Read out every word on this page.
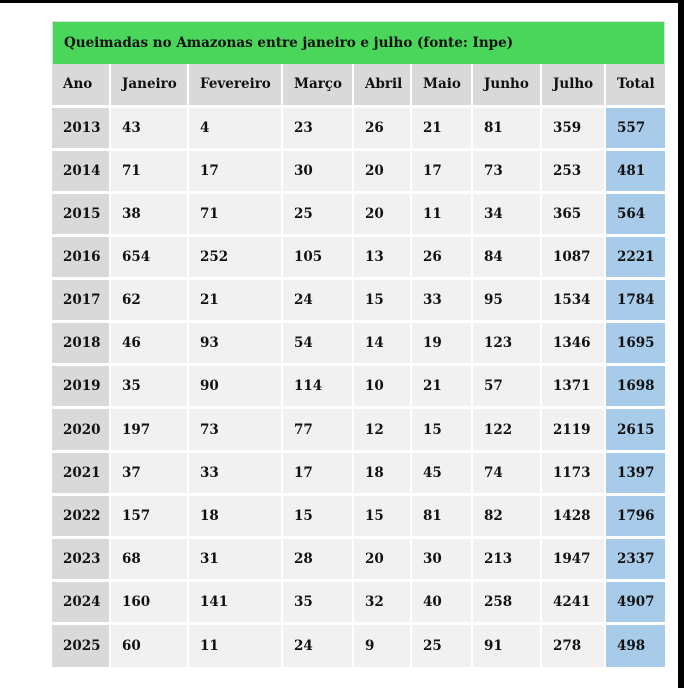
Queimadas no Amazonas entre janeiro e julho (fonte: Inpe)
Ano	Janeiro	Fevereiro	Março	Abril	Maio	Junho	Julho	Total
2013	43	4	23	26	21	81	359	557
2014	71	17	30	20	17	73	253	481
2015	38	71	25	20	11	34	365	564
2016	654	252	105	13	26	84	1087	2221
2017	62	21	24	15	33	95	1534	1784
2018	46	93	54	14	19	123	1346	1695
2019	35	90	114	10	21	57	1371	1698
2020	197	73	77	12	15	122	2119	2615
2021	37	33	17	18	45	74	1173	1397
2022	157	18	15	15	81	82	1428	1796
2023	68	31	28	20	30	213	1947	2337
2024	160	141	35	32	40	258	4241	4907
2025	60	11	24	9	25	91	278	498
